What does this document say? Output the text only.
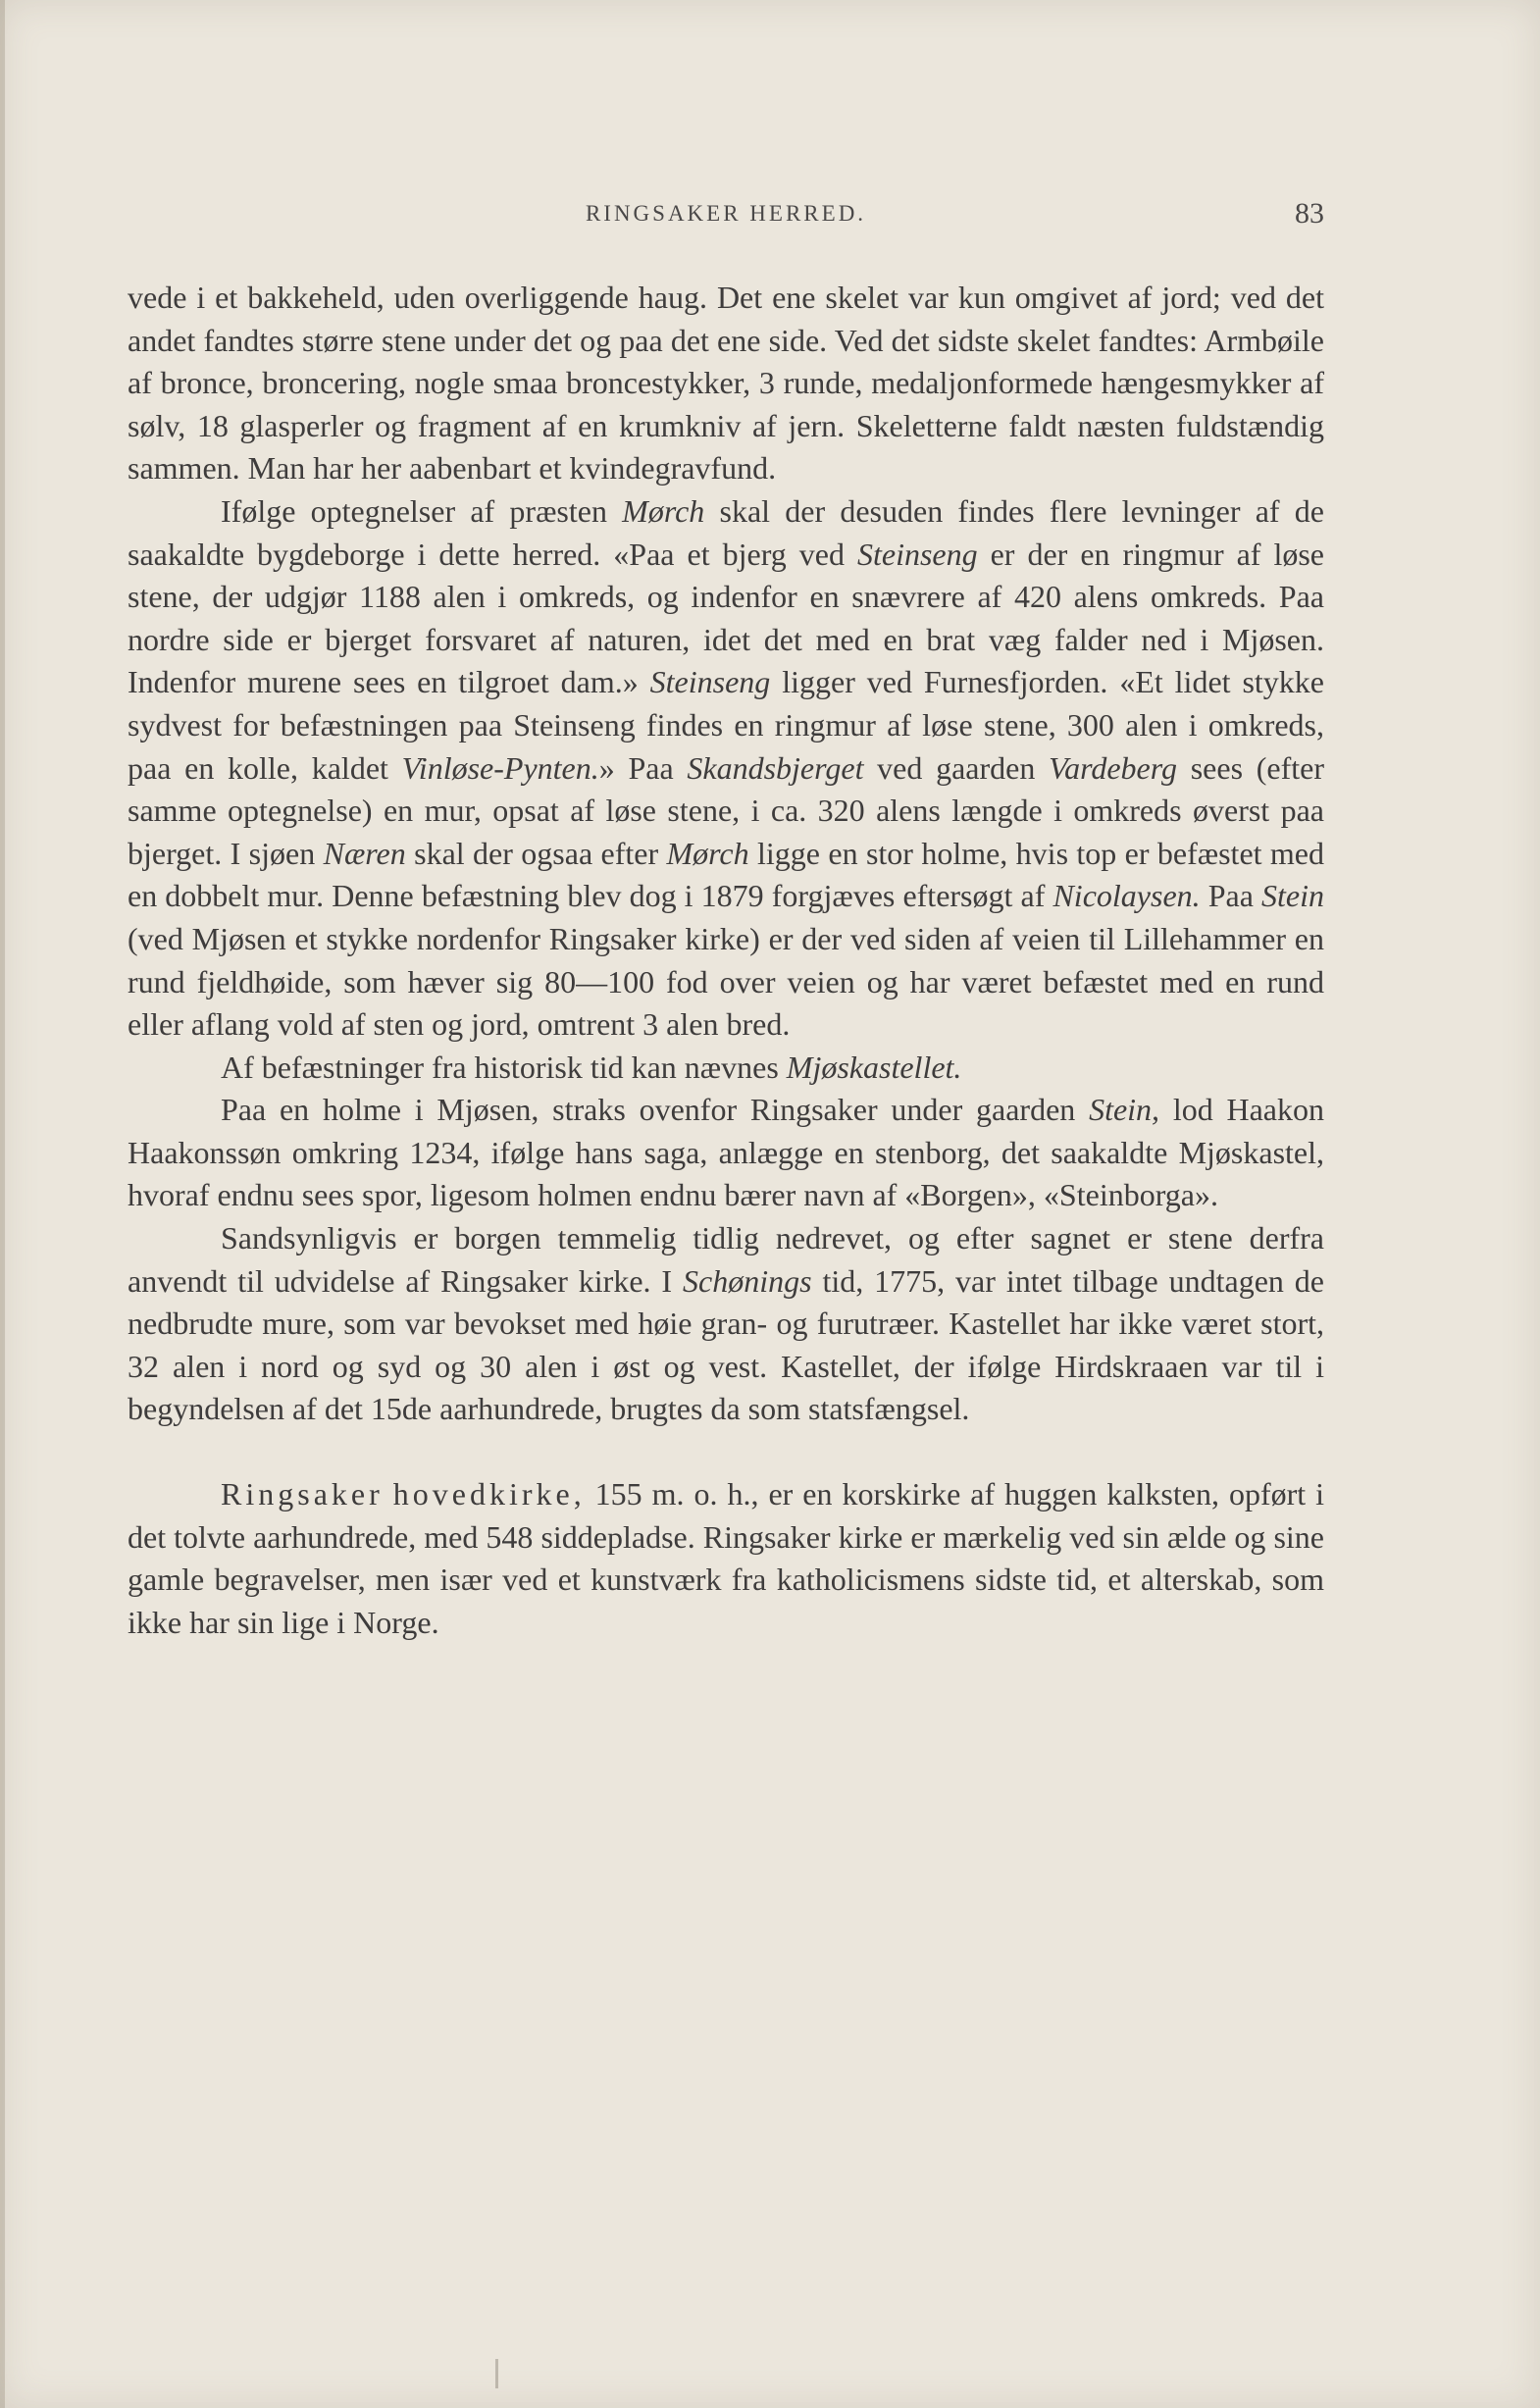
RINGSAKER HERRED.	83

vede i et bakkeheld, uden overliggende haug. Det ene skelet var kun omgivet af jord; ved det andet fandtes større stene under det og paa det ene side. Ved det sidste skelet fandtes: Armbøile af bronce, broncering, nogle smaa broncestykker, 3 runde, medaljonformede hængesmykker af sølv, 18 glasperler og fragment af en krumkniv af jern. Skeletterne faldt næsten fuldstændig sammen. Man har her aabenbart et kvindegravfund.

Ifølge optegnelser af præsten Mørch skal der desuden findes flere levninger af de saakaldte bygdeborge i dette herred. «Paa et bjerg ved Steinseng er der en ringmur af løse stene, der udgjør 1188 alen i omkreds, og indenfor en snævrere af 420 alens omkreds. Paa nordre side er bjerget forsvaret af naturen, idet det med en brat væg falder ned i Mjøsen. Indenfor murene sees en tilgroet dam.» Steinseng ligger ved Furnesfjorden. «Et lidet stykke sydvest for befæstningen paa Steinseng findes en ringmur af løse stene, 300 alen i omkreds, paa en kolle, kaldet Vinløse-Pynten.» Paa Skandsbjerget ved gaarden Vardeberg sees (efter samme optegnelse) en mur, opsat af løse stene, i ca. 320 alens længde i omkreds øverst paa bjerget. I sjøen Næren skal der ogsaa efter Mørch ligge en stor holme, hvis top er befæstet med en dobbelt mur. Denne befæstning blev dog i 1879 forgjæves eftersøgt af Nicolaysen. Paa Stein (ved Mjøsen et stykke nordenfor Ringsaker kirke) er der ved siden af veien til Lillehammer en rund fjeldhøide, som hæver sig 80—100 fod over veien og har været befæstet med en rund eller aflang vold af sten og jord, omtrent 3 alen bred.

Af befæstninger fra historisk tid kan nævnes Mjøskastellet.

Paa en holme i Mjøsen, straks ovenfor Ringsaker under gaarden Stein, lod Haakon Haakonssøn omkring 1234, ifølge hans saga, anlægge en stenborg, det saakaldte Mjøskastel, hvoraf endnu sees spor, ligesom holmen endnu bærer navn af «Borgen», «Steinborga».

Sandsynligvis er borgen temmelig tidlig nedrevet, og efter sagnet er stene derfra anvendt til udvidelse af Ringsaker kirke. I Schønings tid, 1775, var intet tilbage undtagen de nedbrudte mure, som var bevokset med høie gran- og furutræer. Kastellet har ikke været stort, 32 alen i nord og syd og 30 alen i øst og vest. Kastellet, der ifølge Hirdskraaen var til i begyndelsen af det 15de aarhundrede, brugtes da som statsfængsel.

Ringsaker hovedkirke, 155 m. o. h., er en korskirke af huggen kalksten, opført i det tolvte aarhundrede, med 548 siddepladse. Ringsaker kirke er mærkelig ved sin ælde og sine gamle begravelser, men især ved et kunstværk fra katholicismens sidste tid, et alterskab, som ikke har sin lige i Norge.
